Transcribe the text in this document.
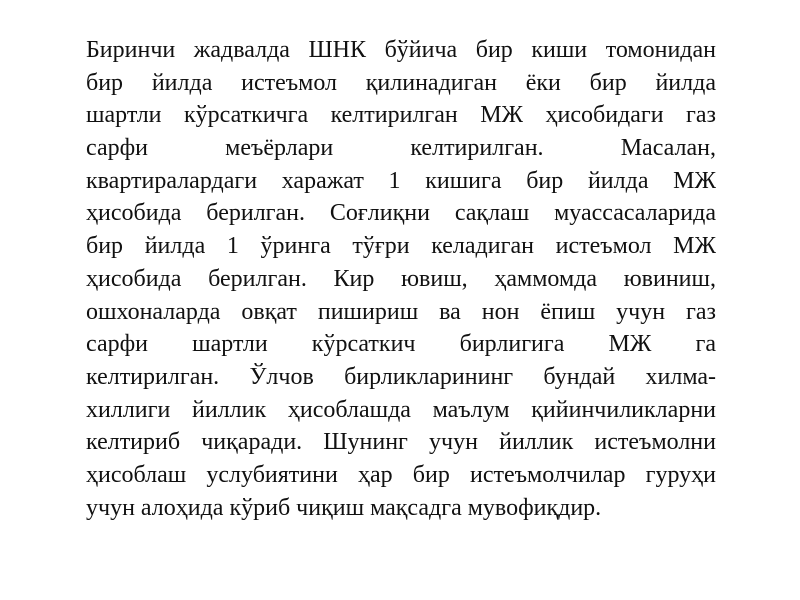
Биринчи жадвалда ШНК бўйича бир киши томонидан
бир йилда истеъмол қилинадиган ёки бир йилда
шартли кўрсаткичга келтирилган МЖ ҳисобидаги газ
сарфи меъёрлари келтирилган. Масалан,
квартиралардаги харажат 1 кишига бир йилда МЖ
ҳисобида берилган. Соғлиқни сақлаш муассасаларида
бир йилда 1 ўринга тўғри келадиган истеъмол МЖ
ҳисобида берилган. Кир ювиш, ҳаммомда ювиниш,
ошхоналарда овқат пишириш ва нон ёпиш учун газ
сарфи шартли кўрсаткич бирлигига МЖ га
келтирилган. Ўлчов бирликларининг бундай хилма-
хиллиги йиллик ҳисоблашда маълум қийинчиликларни
келтириб чиқаради. Шунинг учун йиллик истеъмолни
ҳисоблаш услубиятини ҳар бир истеъмолчилар гуруҳи
учун алоҳида кўриб чиқиш мақсадга мувофиқдир.
